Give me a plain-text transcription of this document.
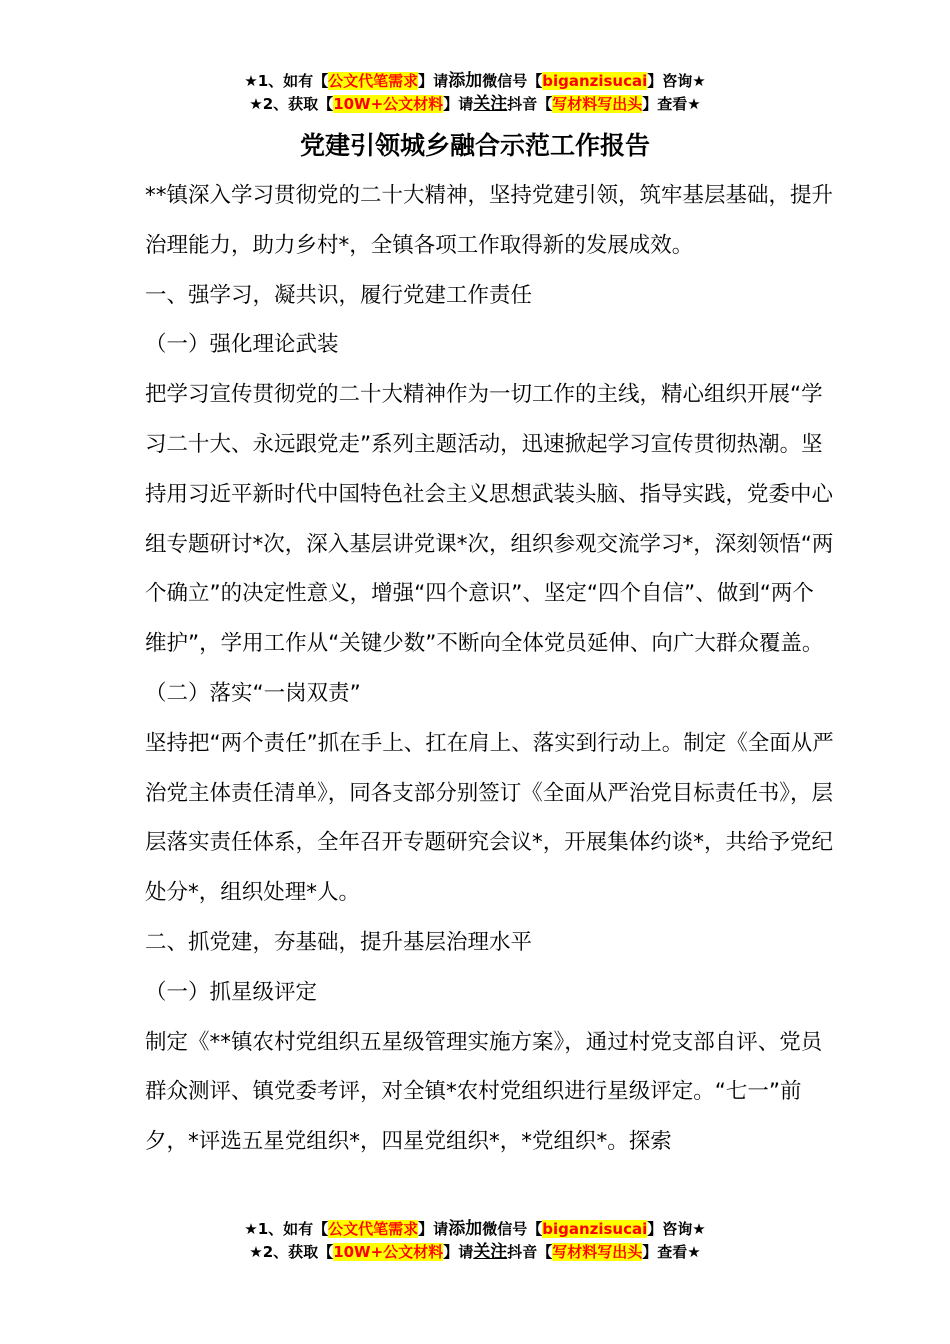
★1、如有【公文代笔需求】请添加微信号【biganzisucai】咨询★
★2、获取【10W+公文材料】请关注抖音【写材料写出头】查看★
党建引领城乡融合示范工作报告

**镇深入学习贯彻党的二十大精神，坚持党建引领，筑牢基层基础，提升治理能力，助力乡村*，全镇各项工作取得新的发展成效。

一、强学习，凝共识，履行党建工作责任

（一）强化理论武装

把学习宣传贯彻党的二十大精神作为一切工作的主线，精心组织开展“学习二十大、永远跟党走”系列主题活动，迅速掀起学习宣传贯彻热潮。坚持用习近平新时代中国特色社会主义思想武装头脑、指导实践，党委中心组专题研讨*次，深入基层讲党课*次，组织参观交流学习*，深刻领悟“两个确立”的决定性意义，增强“四个意识”、坚定“四个自信”、做到“两个维护”，学用工作从“关键少数”不断向全体党员延伸、向广大群众覆盖。

（二）落实“一岗双责”

坚持把“两个责任”抓在手上、扛在肩上、落实到行动上。制定《全面从严治党主体责任清单》，同各支部分别签订《全面从严治党目标责任书》，层层落实责任体系，全年召开专题研究会议*，开展集体约谈*，共给予党纪处分*，组织处理*人。

二、抓党建，夯基础，提升基层治理水平

（一）抓星级评定

制定《**镇农村党组织五星级管理实施方案》，通过村党支部自评、党员群众测评、镇党委考评，对全镇*农村党组织进行星级评定。“七一”前夕，*评选五星党组织*，四星党组织*，*党组织*。探索

★1、如有【公文代笔需求】请添加微信号【biganzisucai】咨询★
★2、获取【10W+公文材料】请关注抖音【写材料写出头】查看★
